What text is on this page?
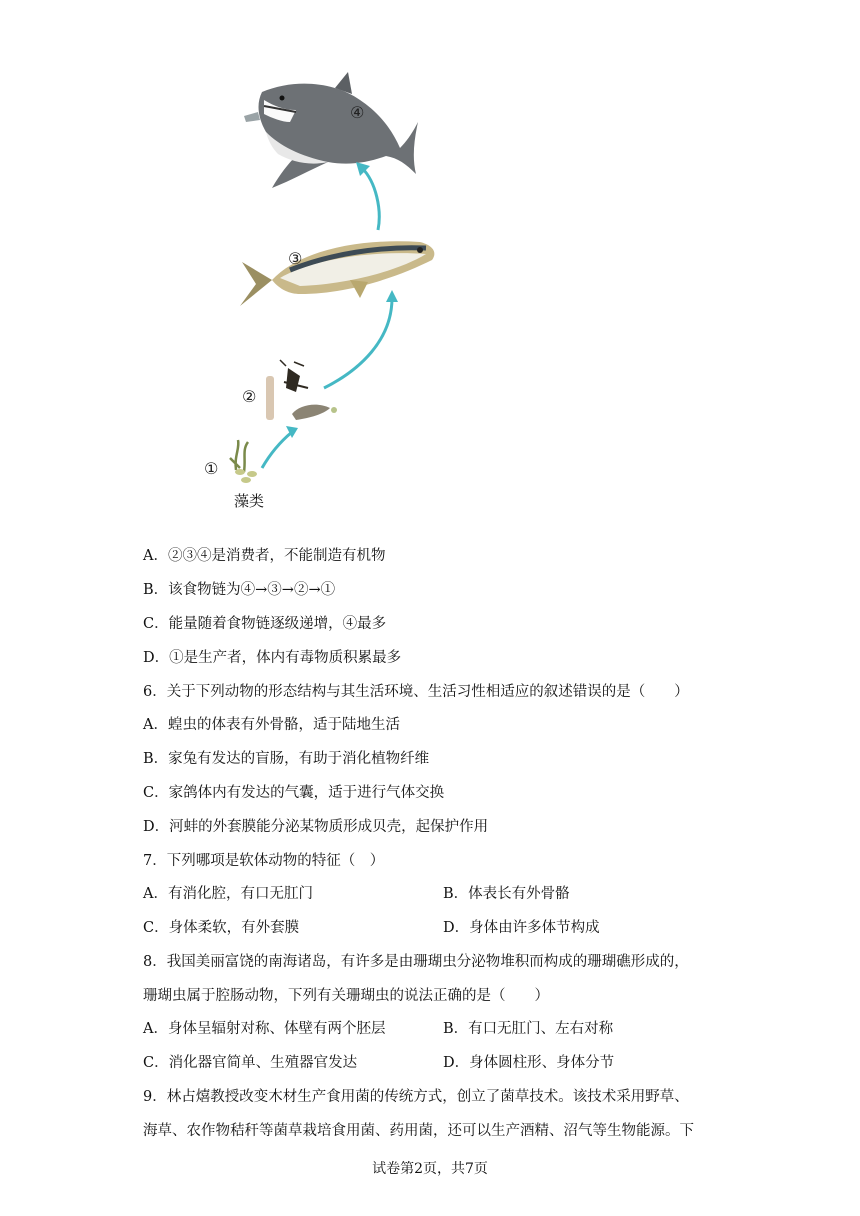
④
③
②
①
藻类
A．②③④是消费者，不能制造有机物
B．该食物链为④→③→②→①
C．能量随着食物链逐级递增，④最多
D．①是生产者，体内有毒物质积累最多
6．关于下列动物的形态结构与其生活环境、生活习性相适应的叙述错误的是（　　）
A．蝗虫的体表有外骨骼，适于陆地生活
B．家兔有发达的盲肠，有助于消化植物纤维
C．家鸽体内有发达的气囊，适于进行气体交换
D．河蚌的外套膜能分泌某物质形成贝壳，起保护作用
7．下列哪项是软体动物的特征（　）
A．有消化腔，有口无肛门	B．体表长有外骨骼
C．身体柔软，有外套膜	D．身体由许多体节构成
8．我国美丽富饶的南海诸岛，有许多是由珊瑚虫分泌物堆积而构成的珊瑚礁形成的，
珊瑚虫属于腔肠动物，下列有关珊瑚虫的说法正确的是（　　）
A．身体呈辐射对称、体壁有两个胚层	B．有口无肛门、左右对称
C．消化器官简单、生殖器官发达	D．身体圆柱形、身体分节
9．林占熺教授改变木材生产食用菌的传统方式，创立了菌草技术。该技术采用野草、
海草、农作物秸秆等菌草栽培食用菌、药用菌，还可以生产酒精、沼气等生物能源。下
试卷第2页，共7页
